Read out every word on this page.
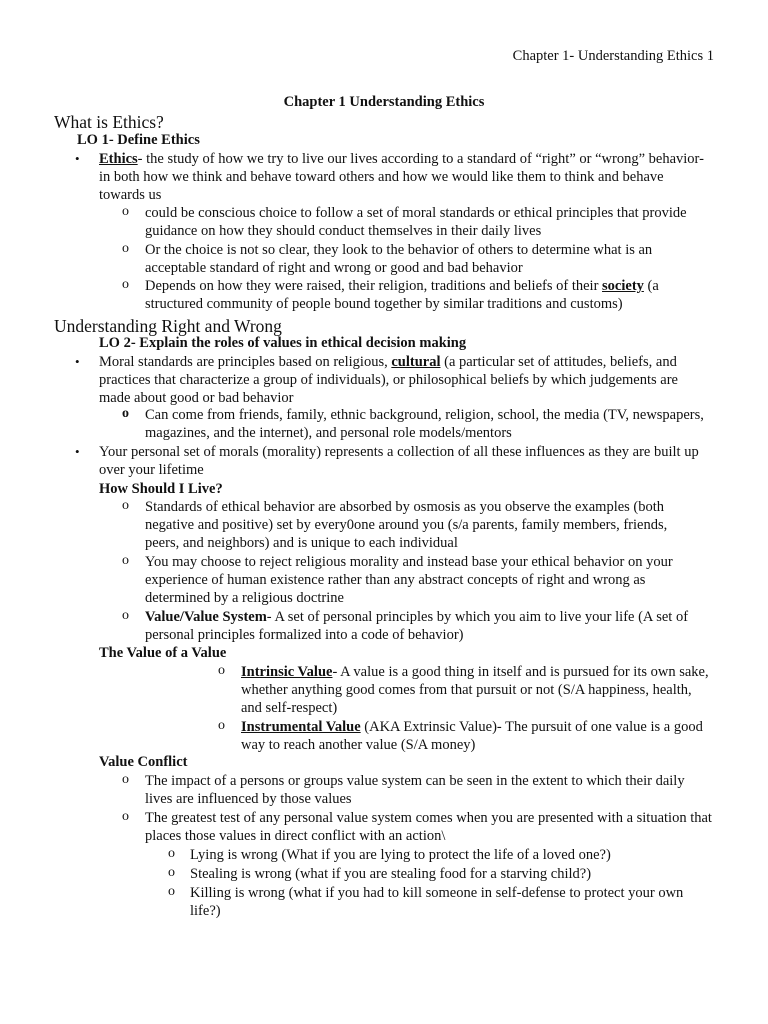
Chapter 1- Understanding Ethics 1
Chapter 1 Understanding Ethics
What is Ethics?
LO 1- Define Ethics
• Ethics- the study of how we try to live our lives according to a standard of “right” or “wrong” behavior- in both how we think and behave toward others and how we would like them to think and behave towards us
o could be conscious choice to follow a set of moral standards or ethical principles that provide guidance on how they should conduct themselves in their daily lives
o Or the choice is not so clear, they look to the behavior of others to determine what is an acceptable standard of right and wrong or good and bad behavior
o Depends on how they were raised, their religion, traditions and beliefs of their society (a structured community of people bound together by similar traditions and customs)
Understanding Right and Wrong
LO 2- Explain the roles of values in ethical decision making
• Moral standards are principles based on religious, cultural (a particular set of attitudes, beliefs, and practices that characterize a group of individuals), or philosophical beliefs by which judgements are made about good or bad behavior
o Can come from friends, family, ethnic background, religion, school, the media (TV, newspapers, magazines, and the internet), and personal role models/mentors
• Your personal set of morals (morality) represents a collection of all these influences as they are built up over your lifetime
How Should I Live?
o Standards of ethical behavior are absorbed by osmosis as you observe the examples (both negative and positive) set by every0one around you (s/a parents, family members, friends, peers, and neighbors) and is unique to each individual
o You may choose to reject religious morality and instead base your ethical behavior on your experience of human existence rather than any abstract concepts of right and wrong as determined by a religious doctrine
o Value/Value System- A set of personal principles by which you aim to live your life (A set of personal principles formalized into a code of behavior)
The Value of a Value
o Intrinsic Value- A value is a good thing in itself and is pursued for its own sake, whether anything good comes from that pursuit or not (S/A happiness, health, and self-respect)
o Instrumental Value (AKA Extrinsic Value)- The pursuit of one value is a good way to reach another value (S/A money)
Value Conflict
o The impact of a persons or groups value system can be seen in the extent to which their daily lives are influenced by those values
o The greatest test of any personal value system comes when you are presented with a situation that places those values in direct conflict with an action\
o Lying is wrong (What if you are lying to protect the life of a loved one?)
o Stealing is wrong (what if you are stealing food for a starving child?)
o Killing is wrong (what if you had to kill someone in self-defense to protect your own life?)
